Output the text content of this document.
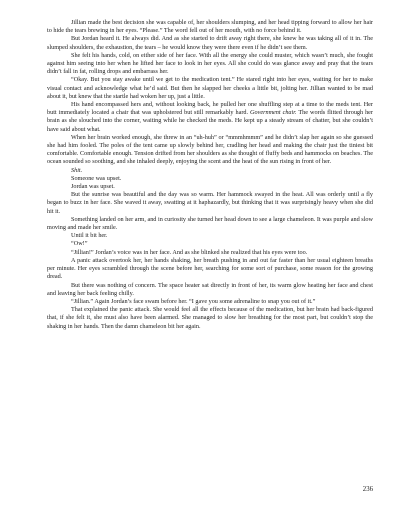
Jillian made the best decision she was capable of, her shoulders slumping, and her head tipping forward to allow her hair to hide the tears brewing in her eyes. “Please.” The word fell out of her mouth, with no force behind it.

But Jordan heard it. He always did. And as she started to drift away right there, she knew he was taking all of it in. The slumped shoulders, the exhaustion, the tears – he would know they were there even if he didn’t see them.

She felt his hands, cold, on either side of her face. With all the energy she could muster, which wasn’t much, she fought against him seeing into her when he lifted her face to look in her eyes. All she could do was glance away and pray that the tears didn’t fall in fat, rolling drops and embarrass her.

“Okay. But you stay awake until we get to the medication tent.” He stared right into her eyes, waiting for her to make visual contact and acknowledge what he’d said. But then he slapped her cheeks a little bit, jolting her. Jillian wanted to be mad about it, but knew that the startle had woken her up, just a little.

His hand encompassed hers and, without looking back, he pulled her one shuffling step at a time to the meds tent. Her butt immediately located a chair that was upholstered but still remarkably hard. Government chair. The words flitted through her brain as she slouched into the corner, waiting while he checked the meds. He kept up a steady stream of chatter, but she couldn’t have said about what.

When her brain worked enough, she threw in an “uh-huh” or “mmmhmmm” and he didn’t slap her again so she guessed she had him fooled. The poles of the tent came up slowly behind her, cradling her head and making the chair just the tiniest bit comfortable. Comfortable enough. Tension drifted from her shoulders as she thought of fluffy beds and hammocks on beaches. The ocean sounded so soothing, and she inhaled deeply, enjoying the scent and the heat of the sun rising in front of her.

Shit.

Someone was upset.

Jordan was upset.

But the sunrise was beautiful and the day was so warm. Her hammock swayed in the heat. All was orderly until a fly began to buzz in her face. She waved it away, swatting at it haphazardly, but thinking that it was surprisingly heavy when she did hit it.

Something landed on her arm, and in curiosity she turned her head down to see a large chameleon. It was purple and slow moving and made her smile.

Until it bit her.

“Ow!”

“Jillian!” Jordan’s voice was in her face. And as she blinked she realized that his eyes were too.

A panic attack overtook her, her hands shaking, her breath pushing in and out far faster than her usual eighteen breaths per minute. Her eyes scrambled through the scene before her, searching for some sort of purchase, some reason for the growing dread.

But there was nothing of concern. The space heater sat directly in front of her, its warm glow heating her face and chest and leaving her back feeling chilly.

“Jillian.” Again Jordan’s face swam before her. “I gave you some adrenaline to snap you out of it.”

That explained the panic attack. She would feel all the effects because of the medication, but her brain had back-figured that, if she felt it, she must also have been alarmed. She managed to slow her breathing for the most part, but couldn’t stop the shaking in her hands. Then the damn chameleon bit her again.

236
